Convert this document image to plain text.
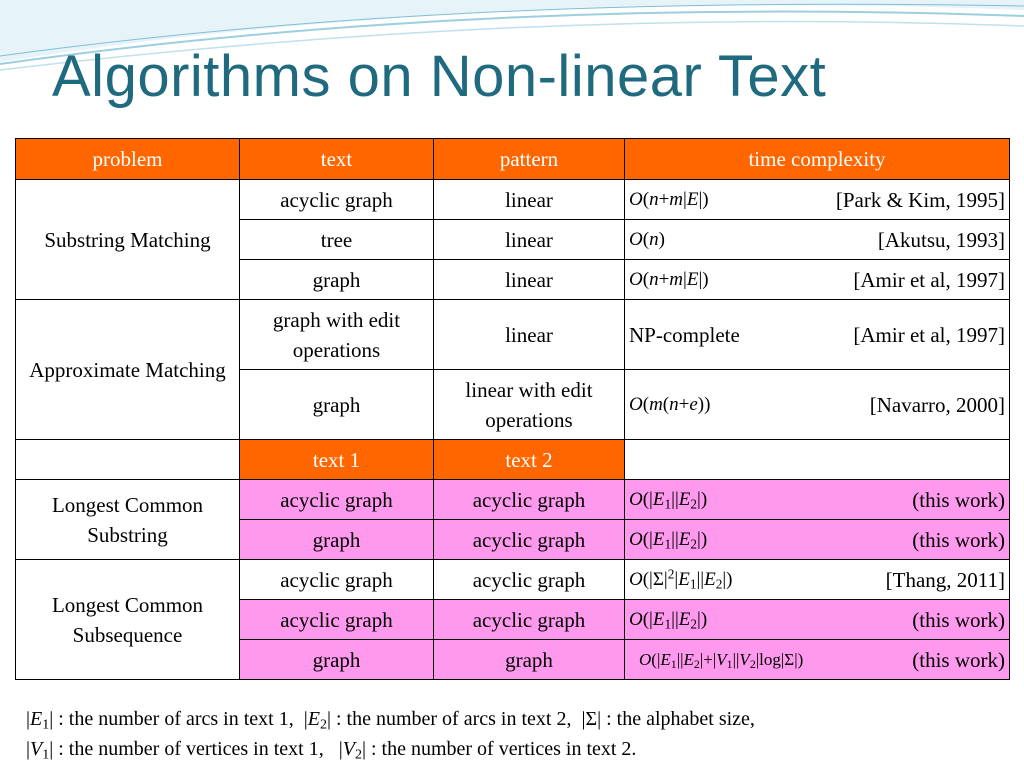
Algorithms on Non-linear Text
problem	text	pattern	time complexity
Substring Matching	acyclic graph	linear	O(n+m|E|) [Park & Kim, 1995]

	tree	linear	O(n) [Akutsu, 1993]

	graph	linear	O(n+m|E|) [Amir et al, 1997]

Approximate Matching	graph with edit operations	linear	NP-complete [Amir et al, 1997]

	graph	linear with edit operations	O(m(n+e)) [Navarro, 2000]

	text 1	text 2	
Longest Common Substring	acyclic graph	acyclic graph	$O(|E_1||E_2|)$ (this work)

	graph	acyclic graph	$O(|E_1||E_2|)$ (this work)

Longest Common Subsequence	acyclic graph	acyclic graph	$O(|\Sigma|^2|E_1||E_2|)$ [Thang, 2011]

	acyclic graph	acyclic graph	$O(|E_1||E_2|)$ (this work)

	graph	graph	$O(|E_1||E_2|+|V_1||V_2|\log|\Sigma|)$ (this work)
$|E_1|$ : the number of arcs in text 1,  $|E_2|$ : the number of arcs in text 2,  |Σ| : the alphabet size,
$|V_1|$ : the number of vertices in text 1,   $|V_2|$ : the number of vertices in text 2.
